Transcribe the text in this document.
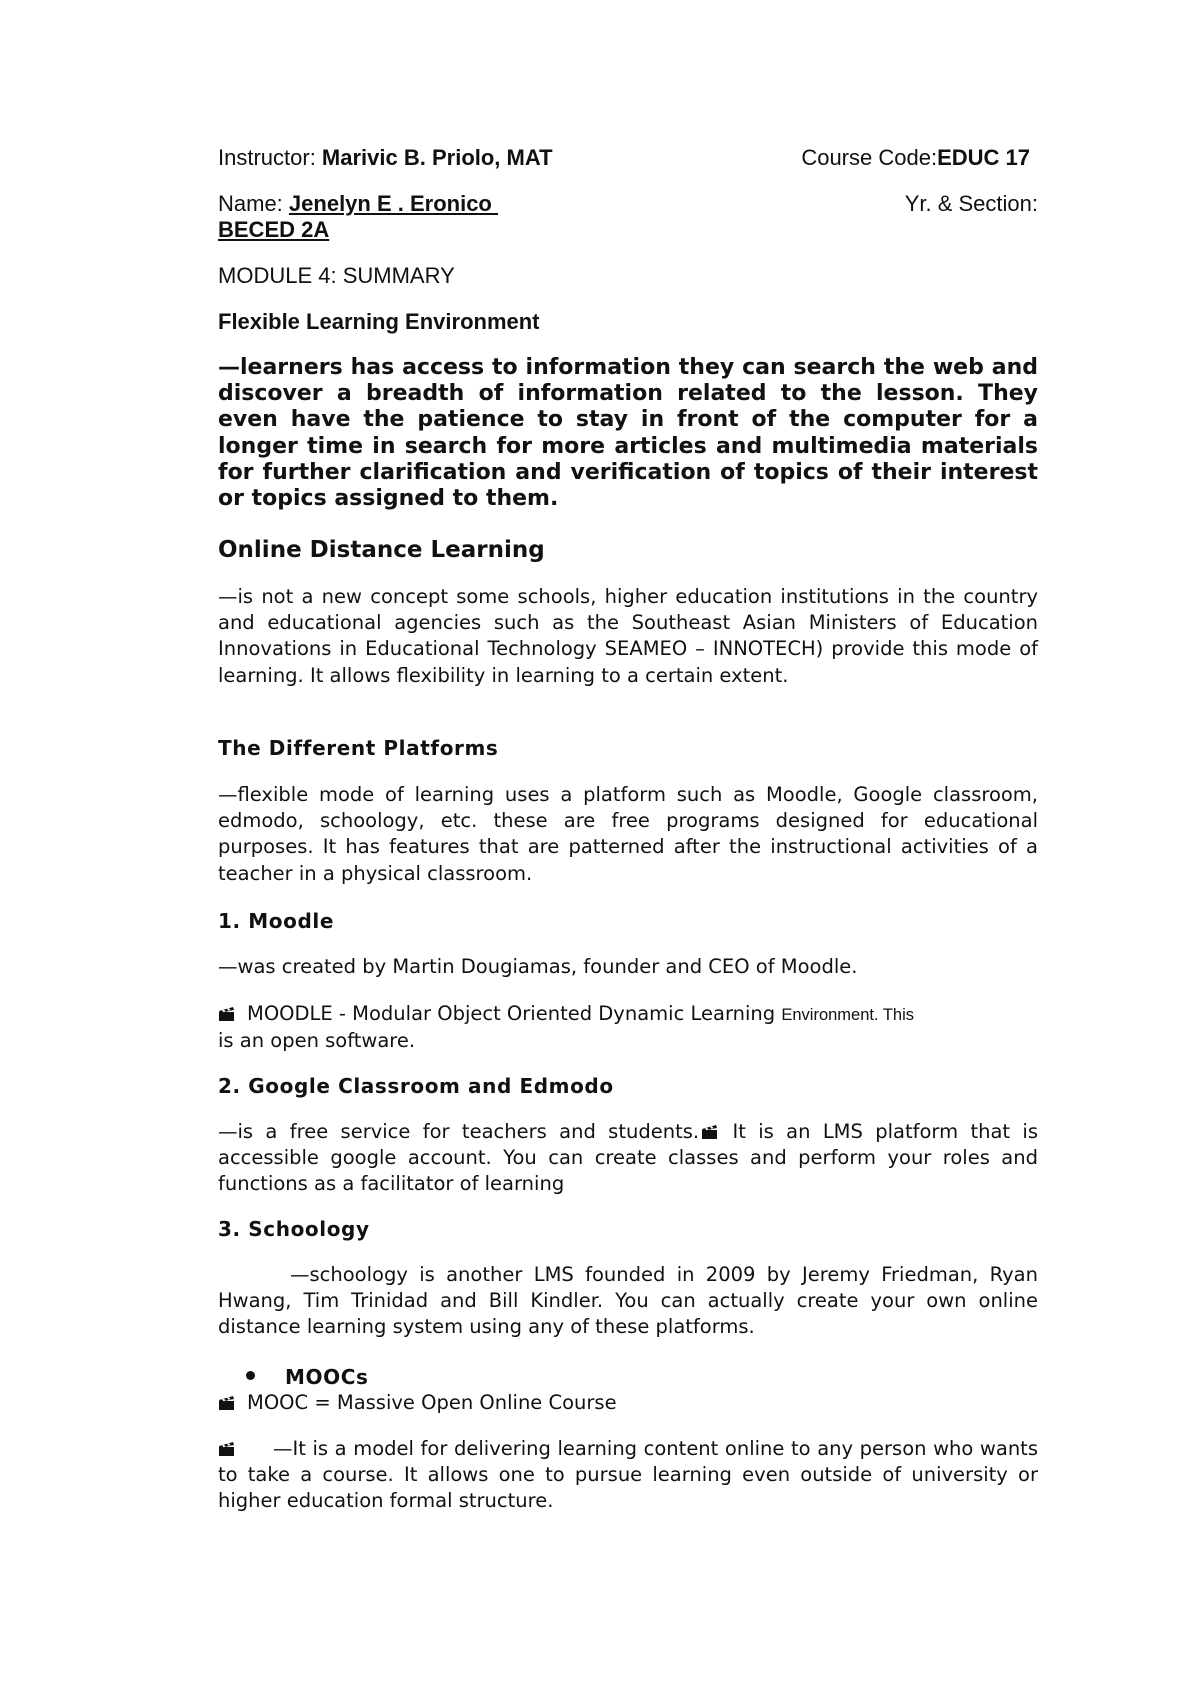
Instructor: Marivic B. Priolo, MAT	Course Code:EDUC 17
Name: Jenelyn E . Eronico	Yr. & Section:
BECED 2A
MODULE 4: SUMMARY
Flexible Learning Environment

—learners has access to information they can search the web and discover a breadth of information related to the lesson. They even have the patience to stay in front of the computer for a longer time in search for more articles and multimedia materials for further clarification and verification of topics of their interest or topics assigned to them.

Online Distance Learning

—is not a new concept some schools, higher education institutions in the country and educational agencies such as the Southeast Asian Ministers of Education Innovations in Educational Technology SEAMEO – INNOTECH) provide this mode of learning. It allows flexibility in learning to a certain extent.

The Different Platforms

—flexible mode of learning uses a platform such as Moodle, Google classroom, edmodo, schoology, etc. these are free programs designed for educational purposes. It has features that are patterned after the instructional activities of a teacher in a physical classroom.

1. Moodle

—was created by Martin Dougiamas, founder and CEO of Moodle.

MOODLE - Modular Object Oriented Dynamic Learning Environment. This
is an open software.

2. Google Classroom and Edmodo

—is a free service for teachers and students.
It is an LMS platform that is accessible google account. You can create classes and perform your roles and functions as a facilitator of learning

3. Schoology

—schoology is another LMS founded in 2009 by Jeremy Friedman, Ryan Hwang, Tim Trinidad and Bill Kindler. You can actually create your own online distance learning system using any of these platforms.

MOOCs

MOOC = Massive Open Online Course

—It is a model for delivering learning content online to any person who wants to take a course. It allows one to pursue learning even outside of university or higher education formal structure.
